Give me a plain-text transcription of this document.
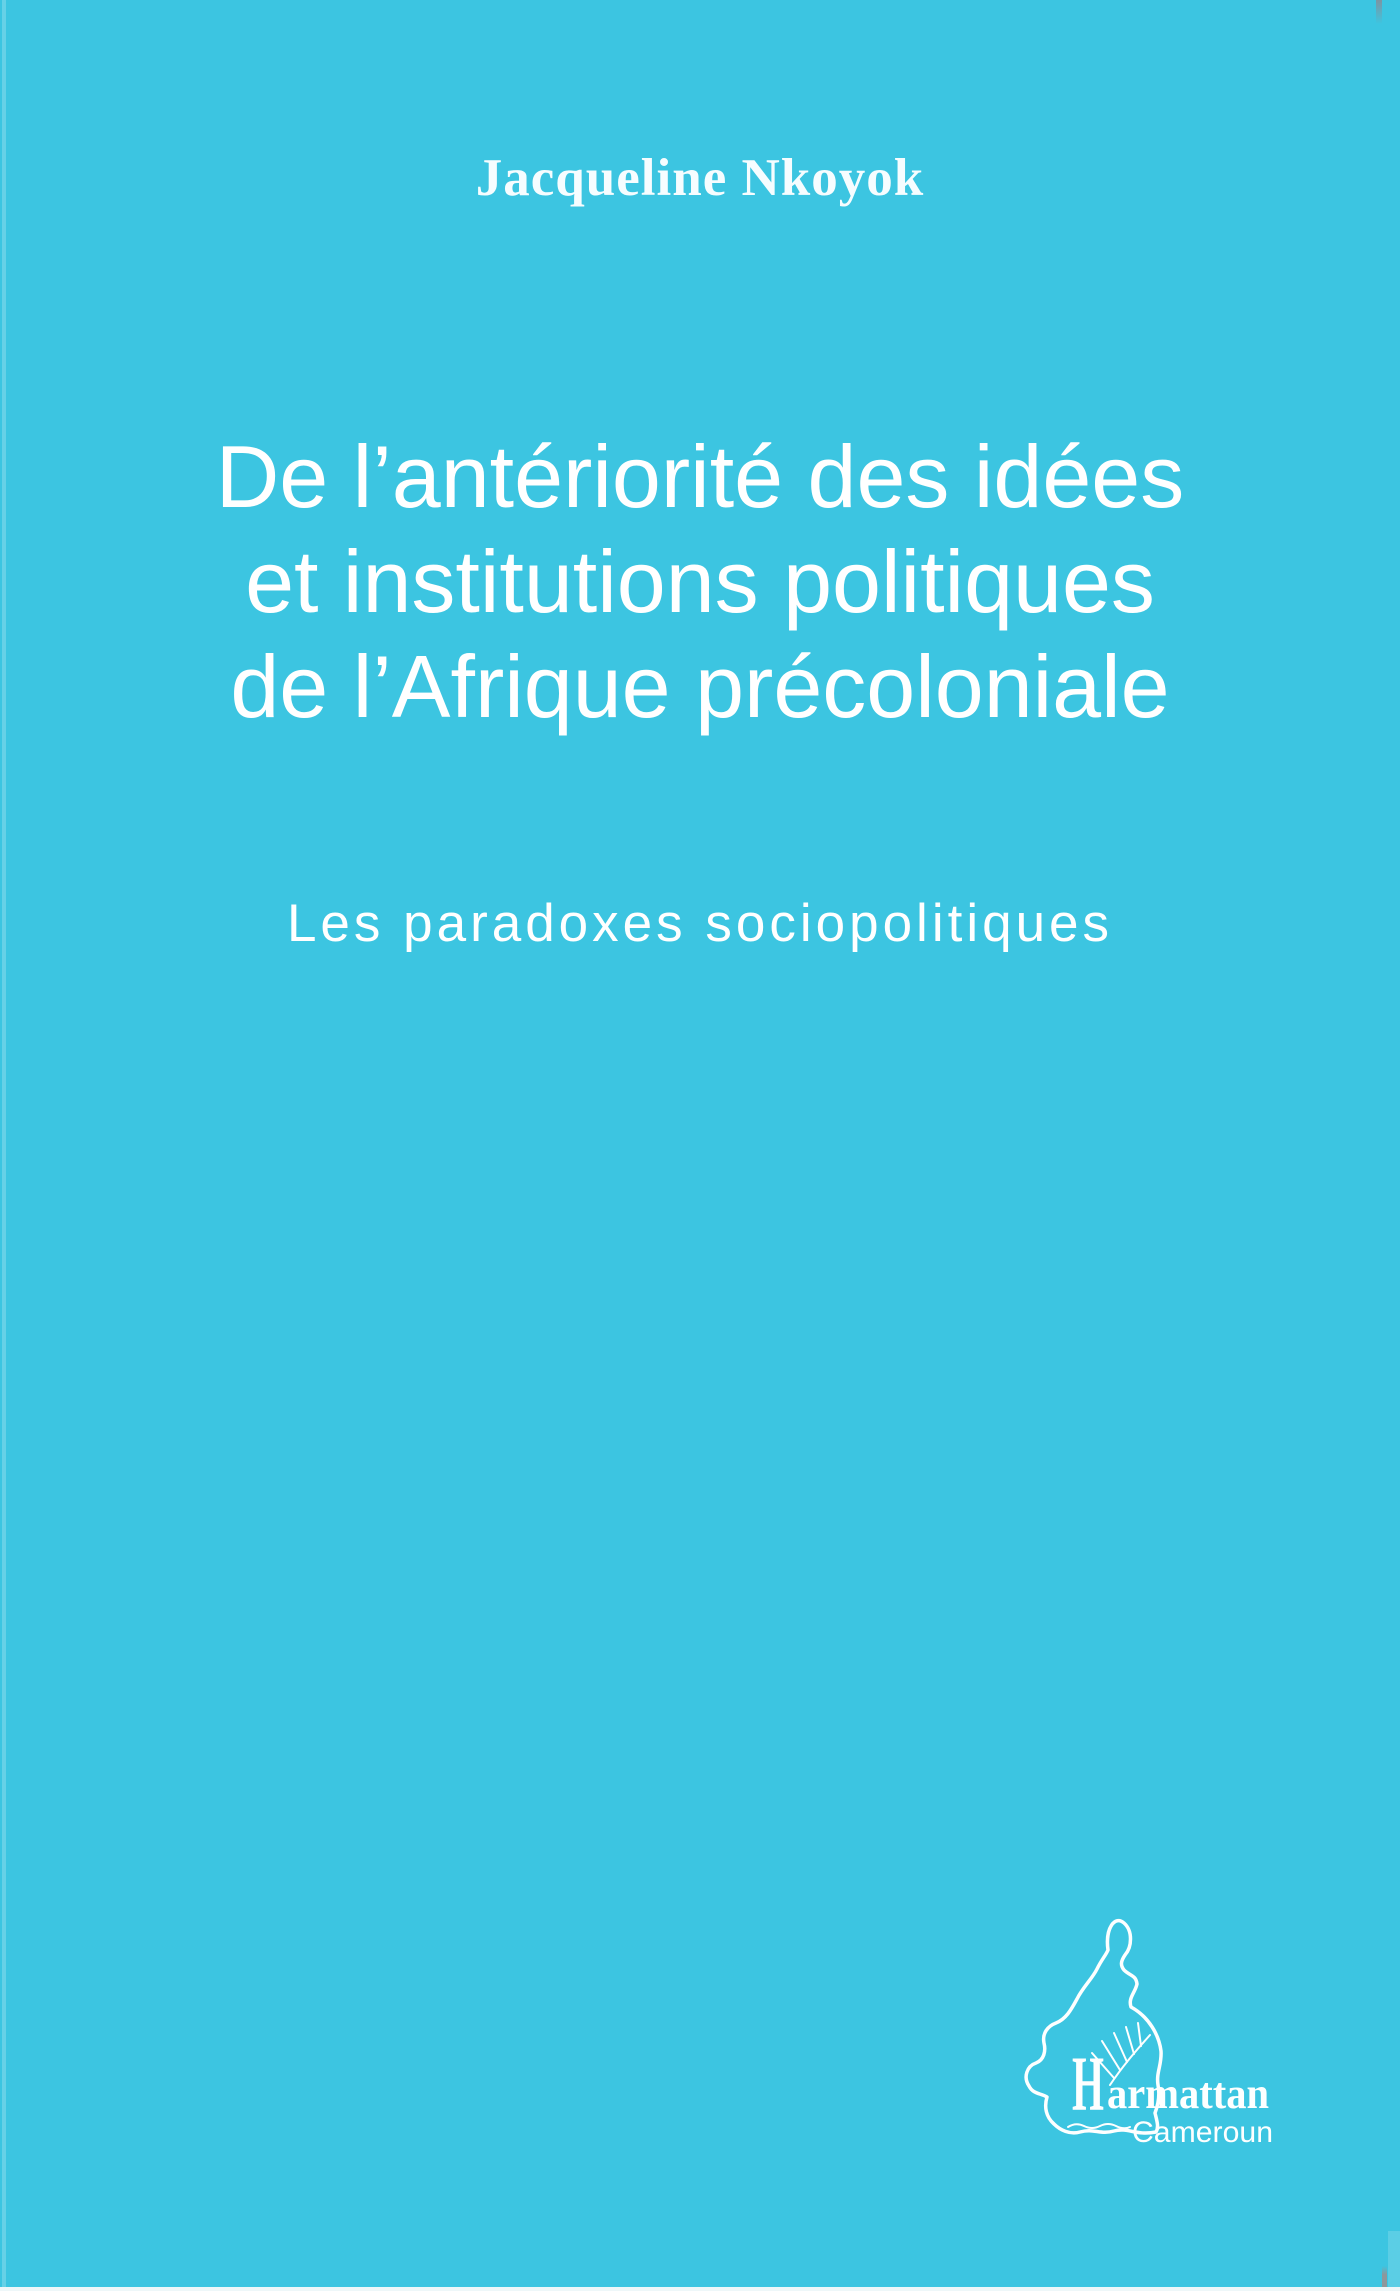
Jacqueline Nkoyok
De l’antériorité des idées
et institutions politiques
de l’Afrique précoloniale
Les paradoxes sociopolitiques
H armattan
Cameroun
